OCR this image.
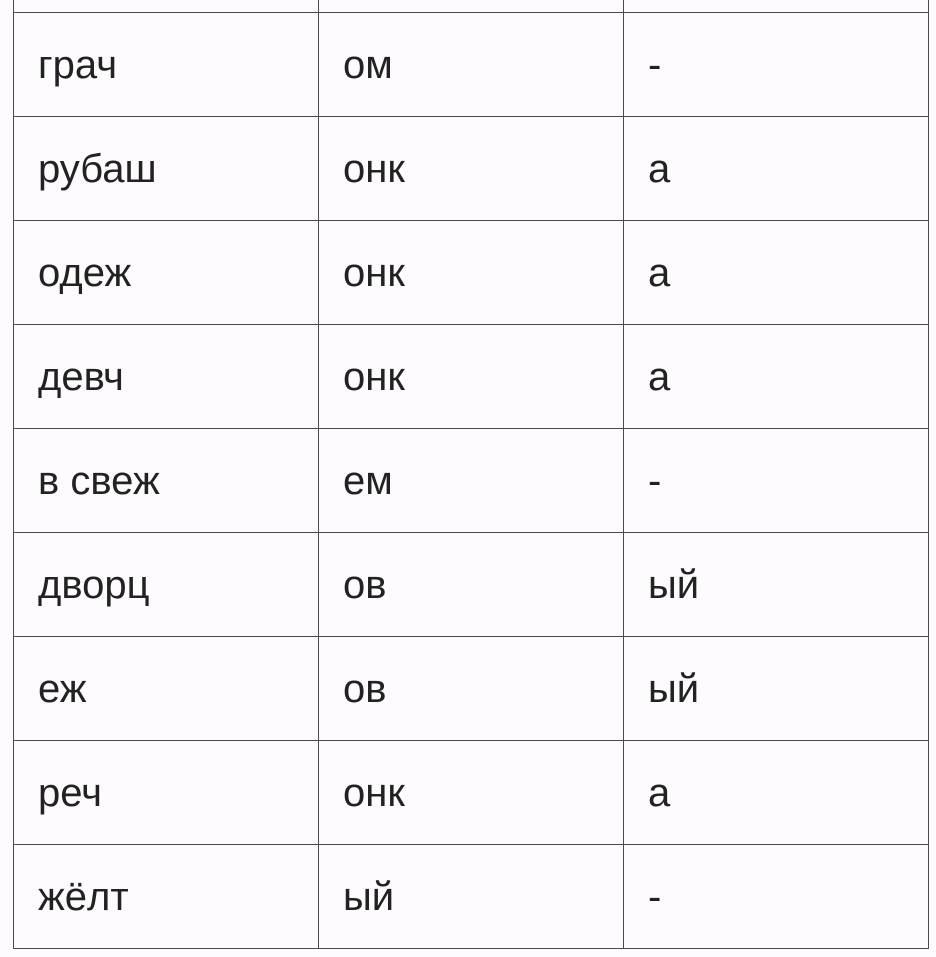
грач	ом	-
рубаш	онк	а
одеж	онк	а
девч	онк	а
в свеж	ем	-
дворц	ов	ый
еж	ов	ый
реч	онк	а
жёлт	ый	-
